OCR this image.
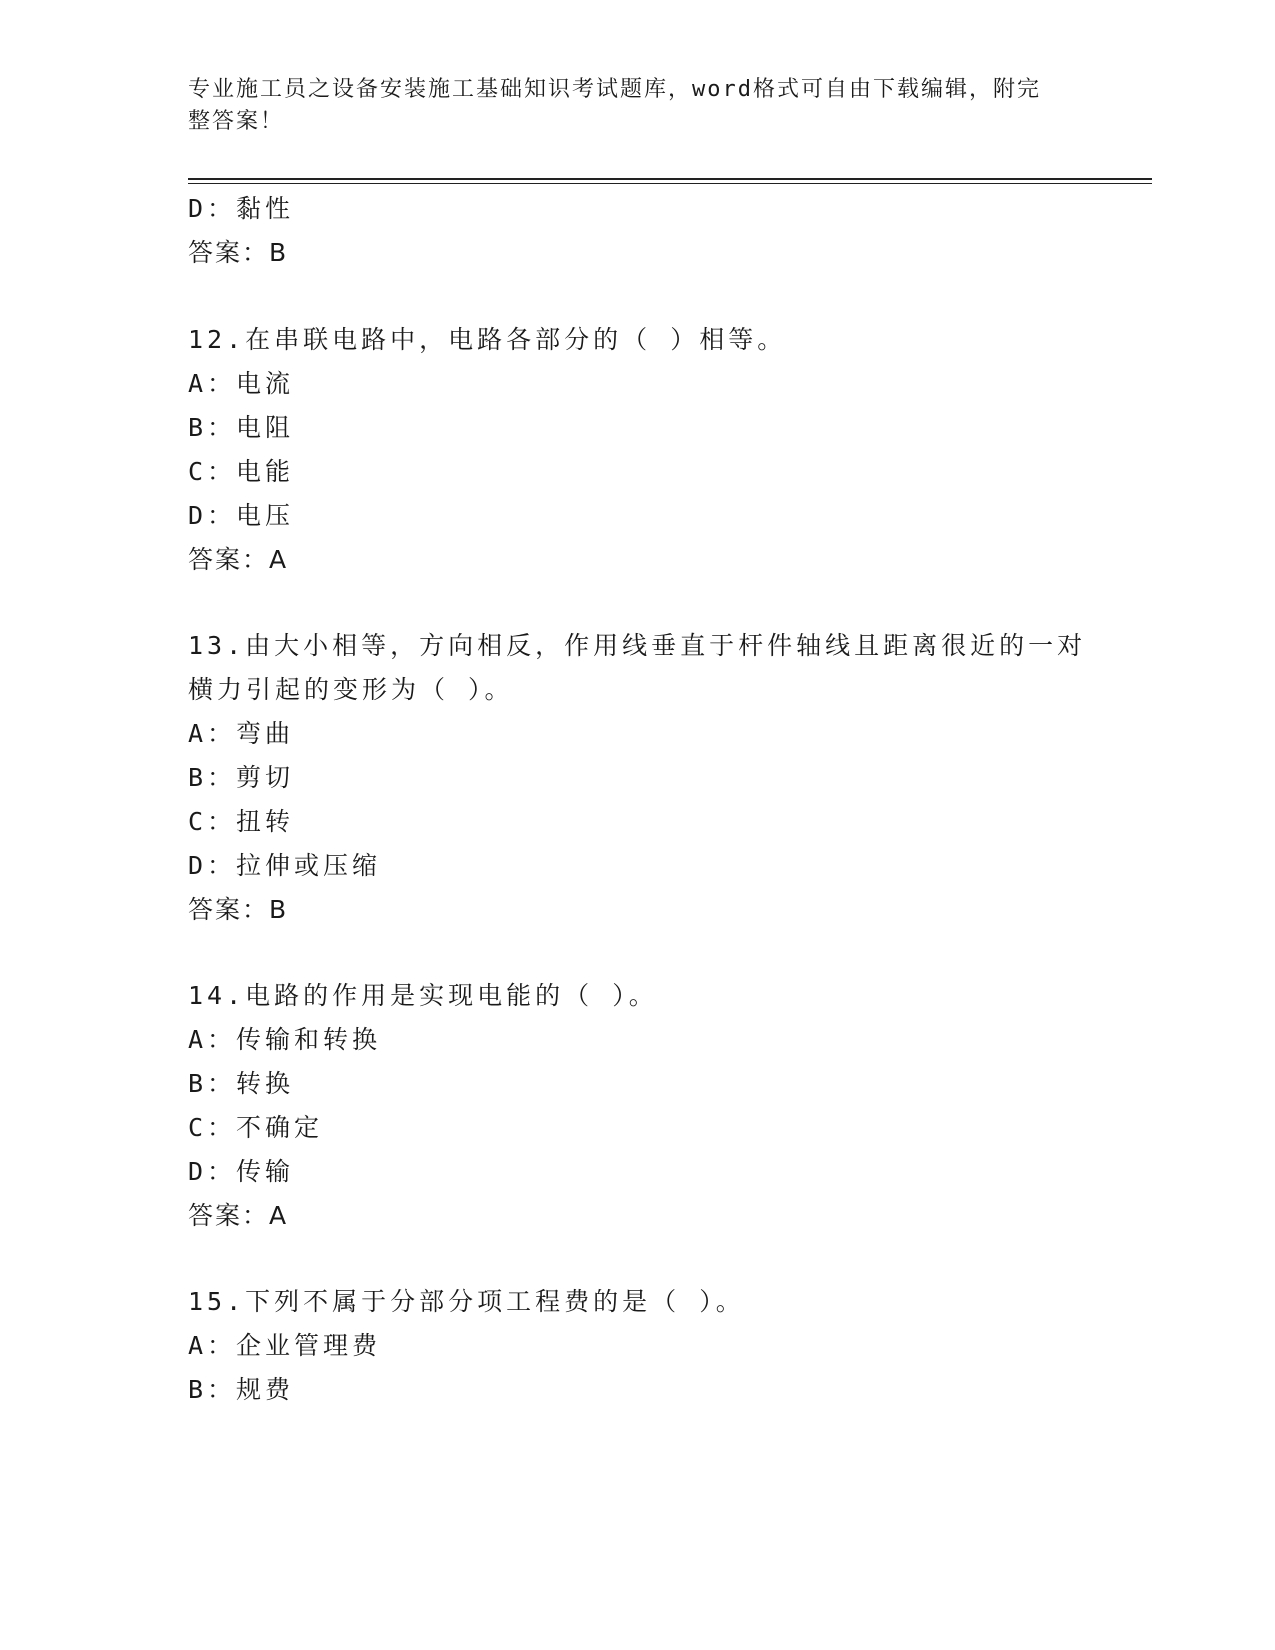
专业施工员之设备安装施工基础知识考试题库，word格式可自由下载编辑，附完
整答案！
D：黏性
答案：B
12.在串联电路中，电路各部分的（ ）相等。
A：电流
B：电阻
C：电能
D：电压
答案：A
13.由大小相等，方向相反，作用线垂直于杆件轴线且距离很近的一对
横力引起的变形为（ ）。
A：弯曲
B：剪切
C：扭转
D：拉伸或压缩
答案：B
14.电路的作用是实现电能的（ ）。
A：传输和转换
B：转换
C：不确定
D：传输
答案：A
15.下列不属于分部分项工程费的是（ ）。
A：企业管理费
B：规费
